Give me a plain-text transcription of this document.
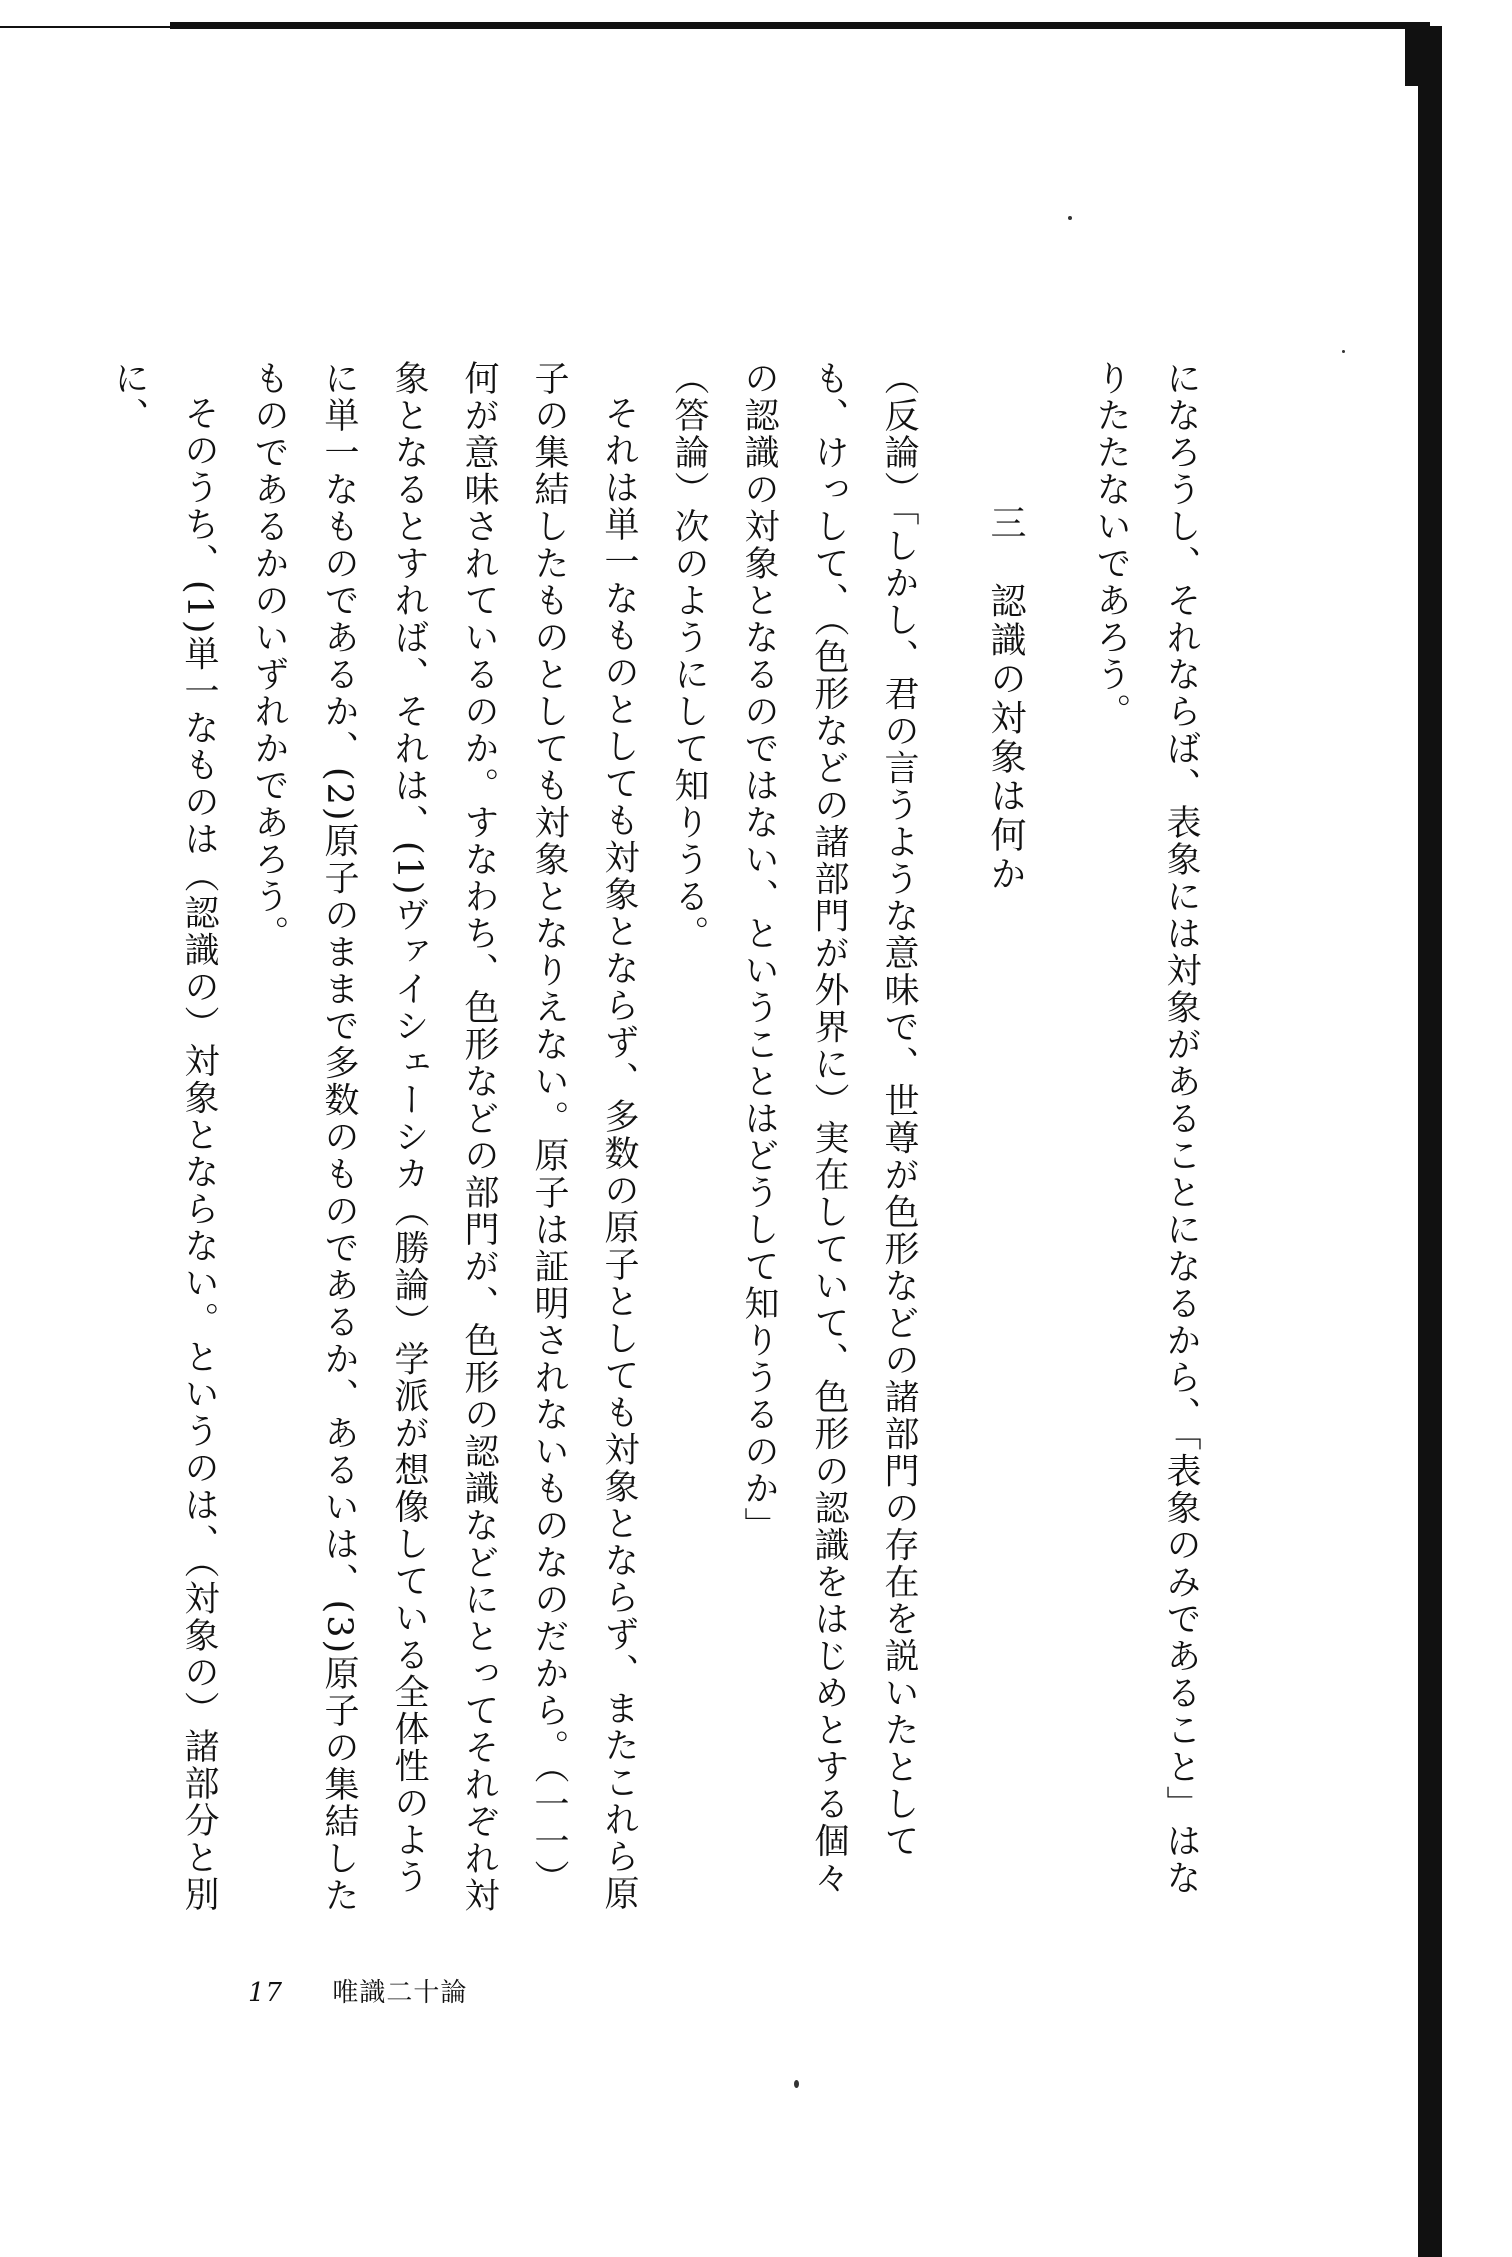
になろうし、それならば、表象には対象があることになるから、「表象のみであること」はなりたたないであろう。

三　認識の対象は何か

（反論）「しかし、君の言うような意味で、世尊が色形などの諸部門の存在を説いたとしても、けっして、（色形などの諸部門が外界に）実在していて、色形の認識をはじめとする個々の認識の対象となるのではない、ということはどうして知りうるのか」

（答論）次のようにして知りうる。

それは単一なものとしても対象とならず、多数の原子としても対象とならず、またこれら原子の集結したものとしても対象となりえない。原子は証明されないものなのだから。（一一）

何が意味されているのか。すなわち、色形などの部門が、色形の認識などにとってそれぞれ対象となるとすれば、それは、(1)ヴァイシェーシカ（勝論）学派が想像している全体性のように単一なものであるか、(2)原子のままで多数のものであるか、あるいは、(3)原子の集結したものであるかのいずれかであろう。

そのうち、(1)単一なものは（認識の）対象とならない。というのは、（対象の）諸部分と別に、

17 唯識二十論
